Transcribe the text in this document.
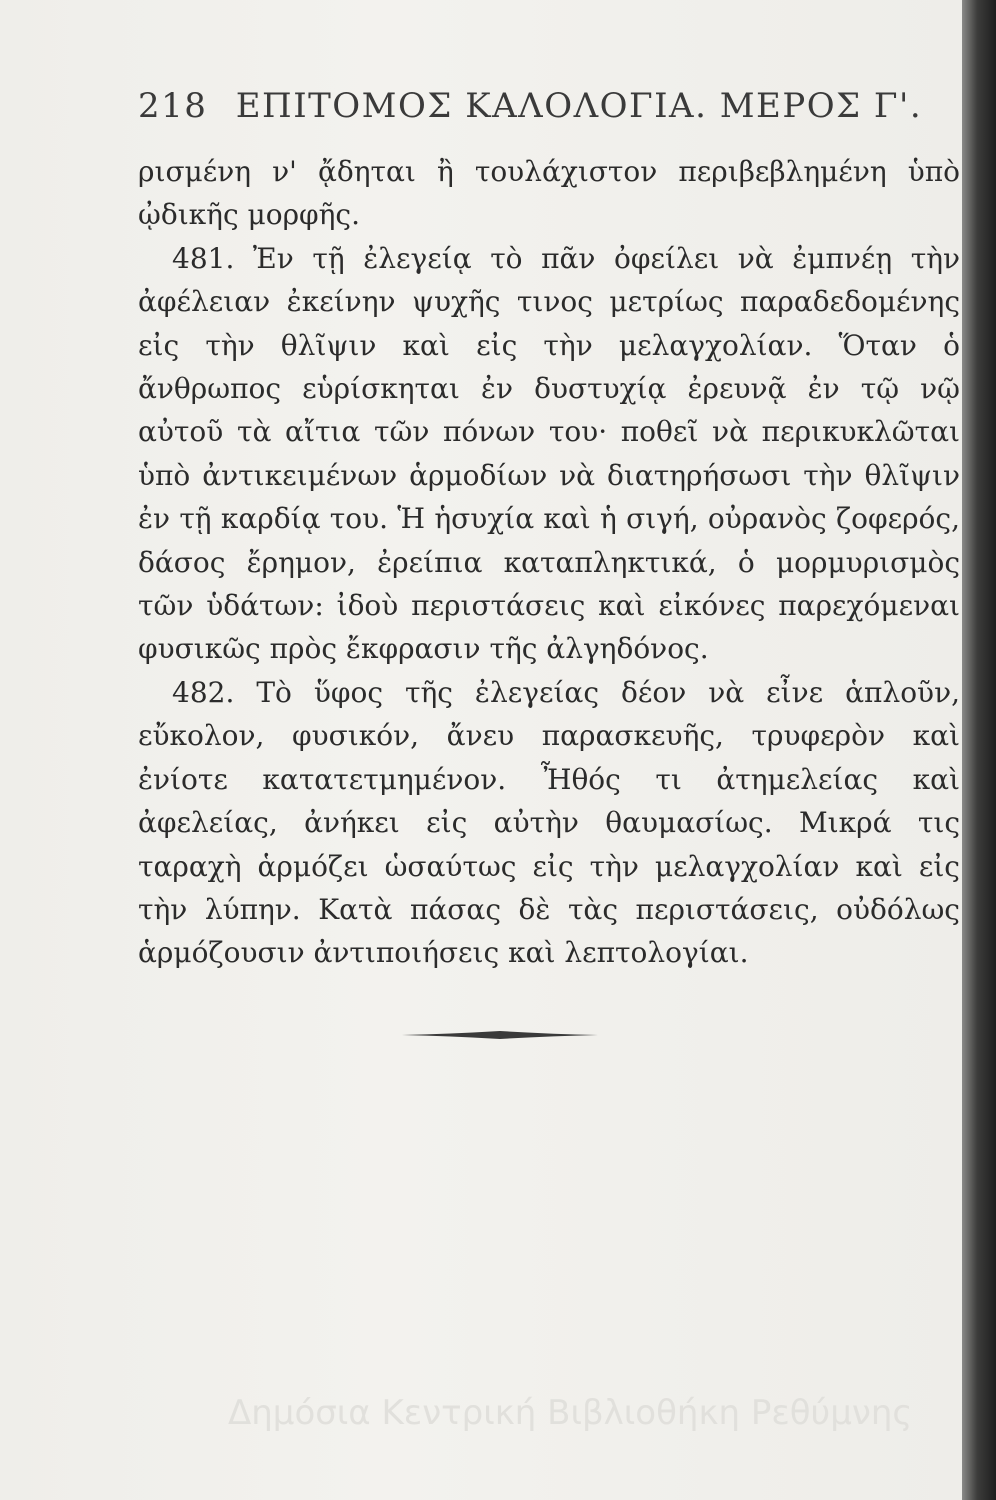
218 ΕΠΙΤΟΜΟΣ ΚΑΛΟΛΟΓΙΑ. ΜΕΡΟΣ Γ'.

ρισμένη ν' ᾄδηται ἢ τουλάχιστον περιβεβλημένη ὑπὸ ᾠδικῆς μορφῆς.

481. Ἐν τῇ ἐλεγείᾳ τὸ πᾶν ὀφείλει νὰ ἐμπνέῃ τὴν ἀφέλειαν ἐκείνην ψυχῆς τινος μετρίως παραδεδομένης εἰς τὴν θλῖψιν καὶ εἰς τὴν μελαγχολίαν. Ὅταν ὁ ἄνθρωπος εὑρίσκηται ἐν δυστυχίᾳ ἐρευνᾷ ἐν τῷ νῷ αὐτοῦ τὰ αἴτια τῶν πόνων του· ποθεῖ νὰ περικυκλῶται ὑπὸ ἀντικειμένων ἁρμοδίων νὰ διατηρήσωσι τὴν θλῖψιν ἐν τῇ καρδίᾳ του. Ἡ ἡσυχία καὶ ἡ σιγή, οὐρανὸς ζοφερός, δάσος ἔρημον, ἐρείπια καταπληκτικά, ὁ μορμυρισμὸς τῶν ὑδάτων: ἰδοὺ περιστάσεις καὶ εἰκόνες παρεχόμεναι φυσικῶς πρὸς ἔκφρασιν τῆς ἀλγηδόνος.

482. Τὸ ὕφος τῆς ἐλεγείας δέον νὰ εἶνε ἁπλοῦν, εὔκολον, φυσικόν, ἄνευ παρασκευῆς, τρυφερὸν καὶ ἐνίοτε κατατετμημένον. Ἦθός τι ἀτημελείας καὶ ἀφελείας, ἀνήκει εἰς αὐτὴν θαυμασίως. Μικρά τις ταραχὴ ἁρμόζει ὡσαύτως εἰς τὴν μελαγχολίαν καὶ εἰς τὴν λύπην. Κατὰ πάσας δὲ τὰς περιστάσεις, οὐδόλως ἁρμόζουσιν ἀντιποιήσεις καὶ λεπτολογίαι.

Δημόσια Κεντρική Βιβλιοθήκη Ρεθύμνης
